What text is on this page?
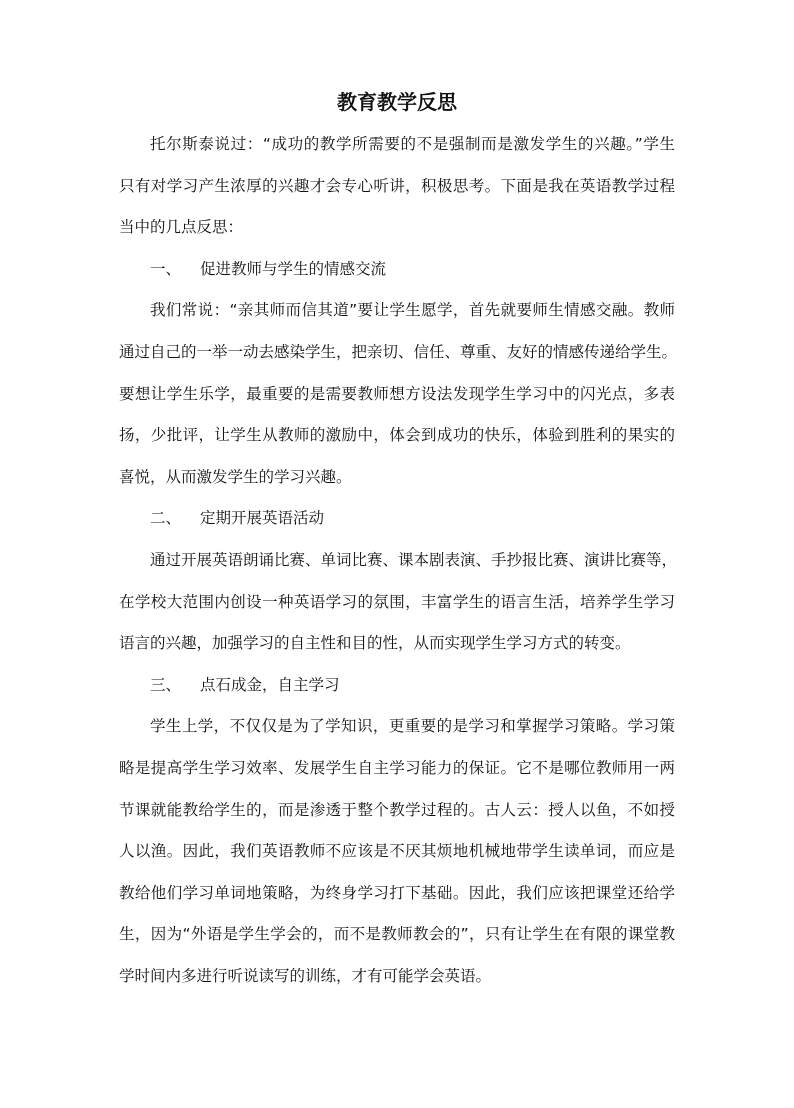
教育教学反思
托尔斯泰说过：“成功的教学所需要的不是强制而是激发学生的兴趣。”学生
只有对学习产生浓厚的兴趣才会专心听讲，积极思考。下面是我在英语教学过程
当中的几点反思：
一、 促进教师与学生的情感交流
我们常说：“亲其师而信其道”要让学生愿学，首先就要师生情感交融。教师
通过自己的一举一动去感染学生，把亲切、信任、尊重、友好的情感传递给学生。
要想让学生乐学，最重要的是需要教师想方设法发现学生学习中的闪光点，多表
扬，少批评，让学生从教师的激励中，体会到成功的快乐，体验到胜利的果实的
喜悦，从而激发学生的学习兴趣。
二、 定期开展英语活动
通过开展英语朗诵比赛、单词比赛、课本剧表演、手抄报比赛、演讲比赛等，
在学校大范围内创设一种英语学习的氛围，丰富学生的语言生活，培养学生学习
语言的兴趣，加强学习的自主性和目的性，从而实现学生学习方式的转变。
三、 点石成金，自主学习
学生上学，不仅仅是为了学知识，更重要的是学习和掌握学习策略。学习策
略是提高学生学习效率、发展学生自主学习能力的保证。它不是哪位教师用一两
节课就能教给学生的，而是渗透于整个教学过程的。古人云：授人以鱼，不如授
人以渔。因此，我们英语教师不应该是不厌其烦地机械地带学生读单词，而应是
教给他们学习单词地策略，为终身学习打下基础。因此，我们应该把课堂还给学
生，因为“外语是学生学会的，而不是教师教会的”，只有让学生在有限的课堂教
学时间内多进行听说读写的训练，才有可能学会英语。
